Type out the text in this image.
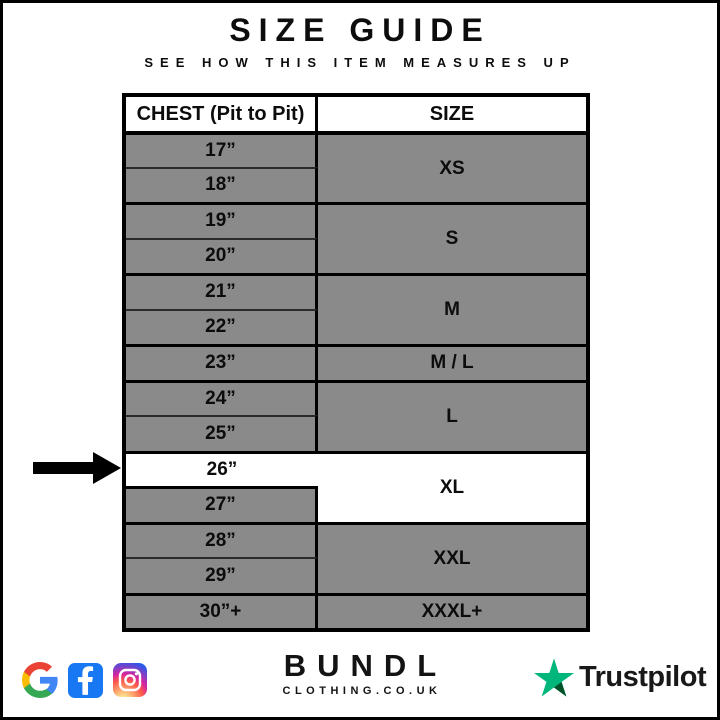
SIZE GUIDE
SEE HOW THIS ITEM MEASURES UP
CHEST (Pit to Pit)	SIZE
17”
18”
19”
20”
21”
22”
23”
24”
25”
26”
27”
28”
29”
30”+
XS
S
M
M / L
L
XL
XXL
XXXL+
BUNDL
CLOTHING.CO.UK	Trustpilot
